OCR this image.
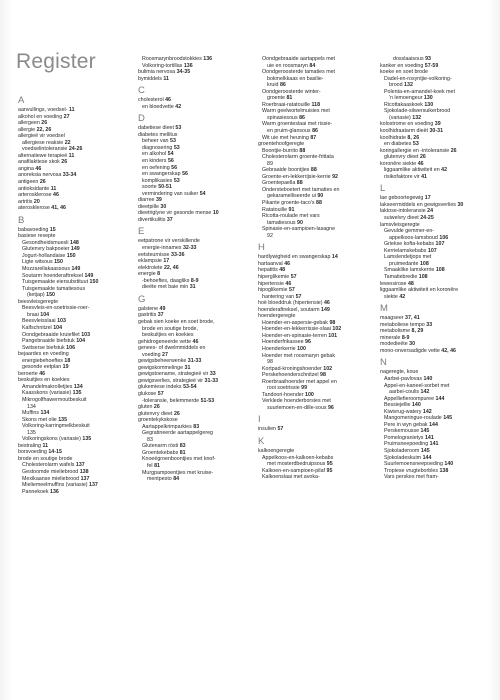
Register
A
aanvullings, voedsel- 11
alkohol en voeding 27
allergeen 26
allergie 22, 26
allergieë vir voedsel
allergiese reaksie 22
voedselintoleransie 24-26
alternatiewe terapieë 11
anafilaktiese skok 26
angina 46
anoreksia nervosa 33-34
antigeen 26
antioksidante 11
arterosklerose 46
artritis 20
aterosklerose 41, 46
B
babavoeding 15
basiese resepte
Gesondheidsmuesli 148
Glutenvry bakpoeier 149
Jogurt-hollandaise 150
Ligte witsous 150
Mozzarellakaassous 149
Soutarm hoenderaftreksel 149
Tuisgemaakte eiersubstituut 150
Tuisgemaakte tamatiesous
(ketjap) 150
beesvleisgeregte
Beesvleis-en-soetrissie-roer-
braai 104
Beesvleisslaai 103
Kalfschnitzel 104
Oondgebraaide kruiefilet 103
Pangebraaide biefstuk 104
Switserse biefstuk 106
bejaardes en voeding
energiebehoeftes 18
gesonde eetplan 19
beroerte 46
beskuitjies en koekies
Amandelmakrolletjies 134
Kaasskons (variasie) 135
Mikrogolfhawermoutbeskuit
134
Muffins 134
Skons met olie 135
Volkoring-karringmelkbeskuit
135
Volkoringskons (variasie) 135
bestraling 11
borsvoeding 14-15
brode en soutige brode
Cholesterolarm wafels 137
Gestoomde mieliebrood 138
Mexikaanse mieliebrood 137
Mieliemeelmuffins (variasie) 137
Pannekoek 136
Roosmarynbroodstokkies 136
Volkoring-tortillas 136
bulimia nervosa 34-35
bymiddels 11
C
cholesterol 46
en bloedvette 42
D
dabetiese dieet 53
diabetes mellitus
beheer van 53
diagnosering 53
en alkohol 54
en kinders 56
en oefening 56
en swangerskap 56
komplikasies 53
soorte 50-51
vermindering van suiker 54
diarree 39
dieetpille 30
dieetriglyne vir gesonde mense 10
divertikulitis 37
E
eetpatrone vir verskillende
energie-innames 32-33
eetsteurnisse 33-36
eklampsie 17
elektrolete 22, 46
energie 8
-behoeftes, daagliks 8-9
dieëte met baie min 31
G
galstene 49
gastritis 37
gebak sien koeke en soet brode,
brode en soutige brode,
beskuitjies en koekies
gehidrogeneerde vette 46
genees- of dwelmmiddels en
voeding 27
gewigsbeheerwenke 31-33
gewigskommelinge 31
gewigstoename, strategieë vir 33
gewigsverlies, strategieë vir 31-33
glukemiese indeks 53-54
glukose 57
-toleransie, belemmerde 51-53
gluten 26
glutenvry dieet 26
groentekykskose
Aartappelkrimparkies 83
Gegratineerde aartappelgereg
83
Glutenarm rösti 83
Groentekebabs 81
Knoeëgroenboontjies met knof-
fel 81
Murgpampoentjies met kruise-
mentpesto 84
Oondgebraaide aartappels met
uie en roosmaryn 84
Oondgeroosterde tamaties met
bokmelkkaas en basilie-
kruid 86
Oondgeroosterde winter-
groente 81
Roerbraai-ratatouille 118
Warm geelwortelmuisies met
spinasiesous 86
Warm groenteslaai met rissie-
en pruim-glansous 86
Wit uie met heuning 87
groentehoofgeregte
Boontjie-burrito 88
Cholesterolarm groente-frittata
89
Gebraaide boontjies 88
Groente-en-lekkerrijsie-kerrie 92
Groentepaella 88
Ondersteboetert met tamaties en
gekaramelliseerde ui 90
Pikante groente-taco's 88
Ratatouille 91
Ricotta-roulade met vars
tamatiesous 90
Spinasie-en-sampioen-lasagne
92
H
hardlywigheid en swangerskap 14
hartaanval 46
hepatitis 48
hiperglikemie 57
hipertensie 46
hipoglikemie 57
hantering van 57
hoë bloeddruk (hipertensie) 46
hoenderaftreksel, soutarm 149
hoendergeregte
Hoender-en-aspersie-gebak 98
Hoender-en-lekkerrissie-slaai 102
Hoender-en-spinasie-terren 101
Hoenderfrikassee 96
Hoenderkerrie 100
Hoender met roosmaryn gebak
98
Kortpad-kroningshoender 102
Perskehoenderschnitzel 98
Roerbraaihoender met appel en
rooi soetrissie 99
Tandoori-hoender 100
Verklede hoenderborsies met
suurlemoen-en-dille-sous 96
I
insulien 57
K
kalkoengeregte
Appelkoos-en-kalkoen-kebabs
met mosterdbedruipsous 95
Kalkoen-en-sampioen-pilaf 95
Kalkoenslaai met avoka-
dosslaaisous 93
kanker en voeding 57-59
koeke en soet brode
Dadel-en-rosyntjie-volkoring-
brood 132
Polenta-en-amandel-koek met
'n lemoengeur 130
Ricottakaaskoek 130
Sjokolade-silwersuikerbrood
(variasie) 132
kolostrome en voeding 39
koolhidraatarm dieët 30-31
koolhidrate 8, 26
en diabetes 53
koringallergie en -intoleransie 26
glutenvry dieet 26
koronêre siekte 46
liggaamlike aktiwiteit en 42
risikofaktore vir 41
L
lae geboortegewig 17
laksеermiddels en gewigsverlies 30
laktose-intoleransie 24
suiwelvry dieet 24-25
lamsvleisgeregte
Gevulde gemmer-en-
appelkoos-lamsboud 106
Griekse kofta-kebabs 107
Kerrielamskebabs 107
Lamslendetjops met
pruimedante 108
Smaaklike lamskerrie 108
Tamatiebredie 108
leweısirose 48
liggaamlike aktiwiteit en koronêre
siekte 42
M
maagseer 37, 41
metaboliese tempo 33
metabolisme 8, 29
minerale 8-9
modedieëte 30
mono-onversadigde vette 42, 46
N
nageregte, koue
Aarbei-pavlovas 140
Appel-en-kaneel-sorbet met
aarbei-coulis 142
Appelliefieroompuree 144
Bessiejellie 140
Kiwivrug-watery 142
Mangomeringue-roulade 145
Pere in wyn gebak 144
Perskemousse 145
Pomelogranietys 141
Pruimsneepoeding 141
Sjokoladeroom 145
Sjokoladeskuim 144
Suurlemoensneepoeding 140
Tropiese vrugteborbles 138
Vars perskes met fram-
